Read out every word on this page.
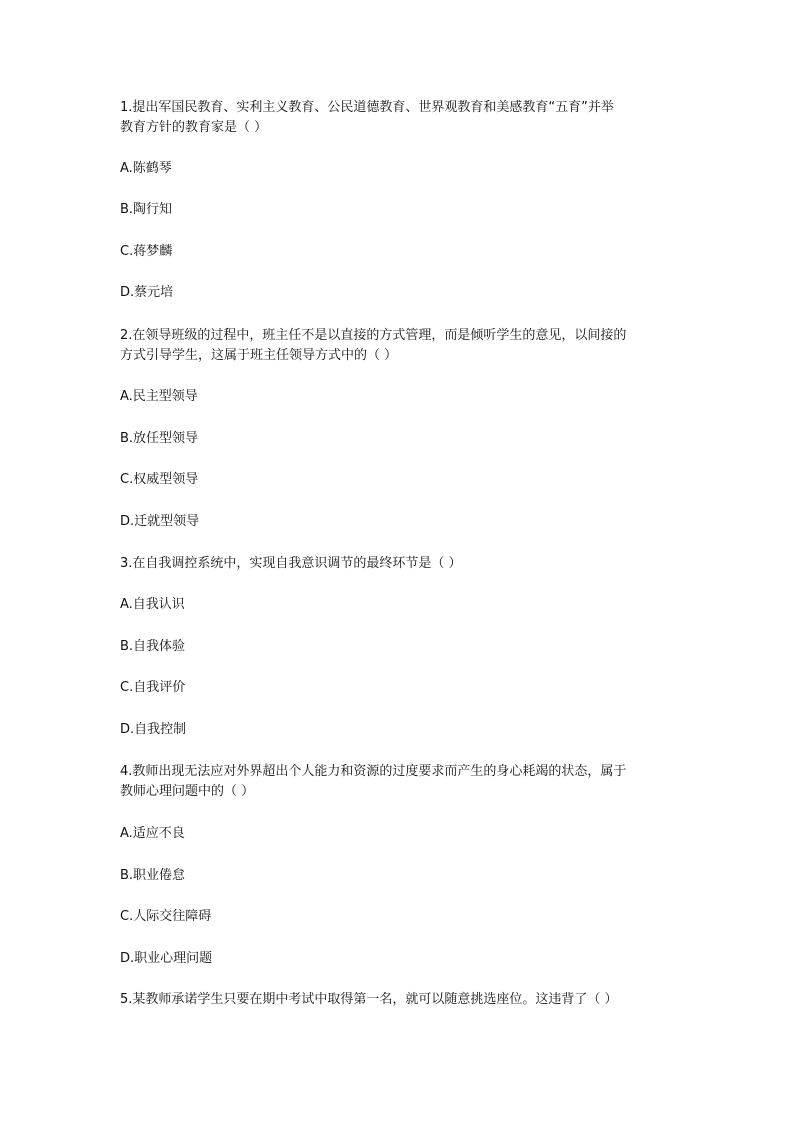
1.提出军国民教育、实利主义教育、公民道德教育、世界观教育和美感教育“五育”并举

教育方针的教育家是（ ）

A.陈鹤琴

B.陶行知

C.蒋梦麟

D.蔡元培

2.在领导班级的过程中，班主任不是以直接的方式管理，而是倾听学生的意见，以间接的

方式引导学生，这属于班主任领导方式中的（ ）

A.民主型领导

B.放任型领导

C.权威型领导

D.迁就型领导

3.在自我调控系统中，实现自我意识调节的最终环节是（ ）

A.自我认识

B.自我体验

C.自我评价

D.自我控制

4.教师出现无法应对外界超出个人能力和资源的过度要求而产生的身心耗竭的状态，属于

教师心理问题中的（ ）

A.适应不良

B.职业倦怠

C.人际交往障碍

D.职业心理问题

5.某教师承诺学生只要在期中考试中取得第一名，就可以随意挑选座位。这违背了（ ）
